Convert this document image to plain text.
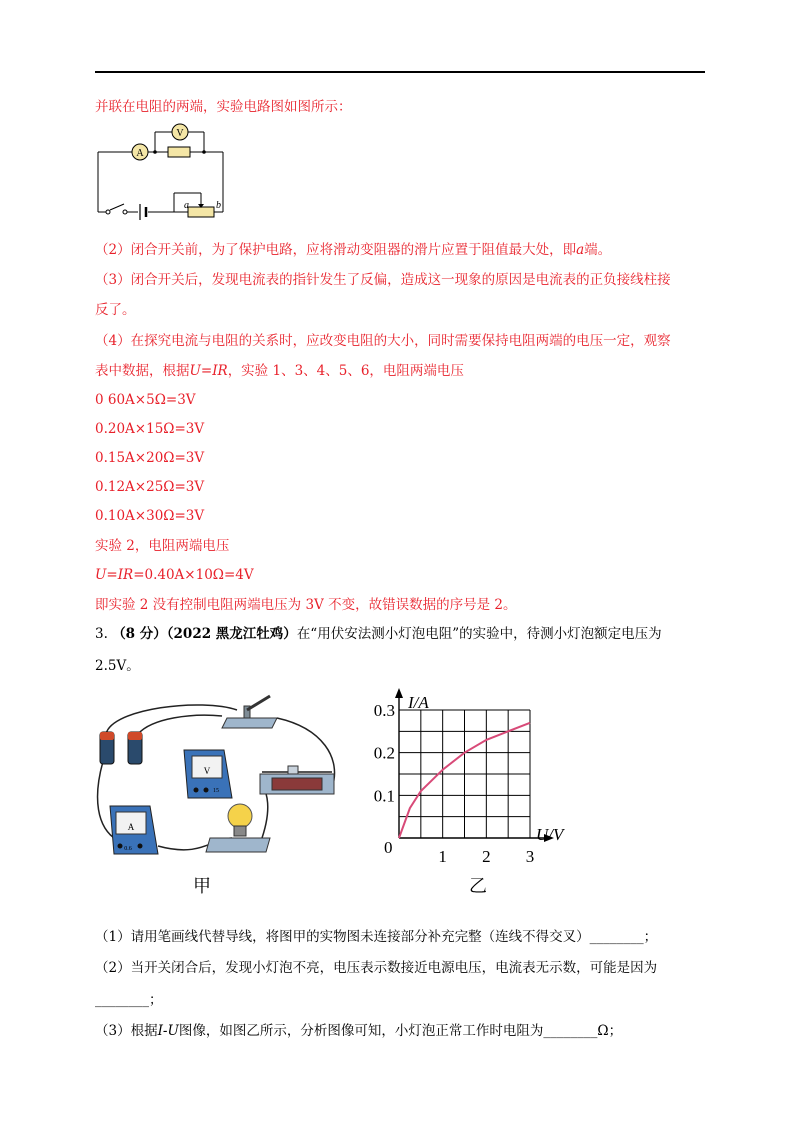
并联在电阻的两端，实验电路图如图所示：
A
V
a	b
（2）闭合开关前，为了保护电路，应将滑动变阻器的滑片应置于阻值最大处，即a端。
（3）闭合开关后，发现电流表的指针发生了反偏，造成这一现象的原因是电流表的正负接线柱接
反了。
（4）在探究电流与电阻的关系时，应改变电阻的大小，同时需要保持电阻两端的电压一定，观察
表中数据，根据U=IR，实验 1、3、4、5、6，电阻两端电压
0 60A×5Ω=3V
0.20A×15Ω=3V
0.15A×20Ω=3V
0.12A×25Ω=3V
0.10A×30Ω=3V
实验 2，电阻两端电压
U=IR=0.40A×10Ω=4V
即实验 2 没有控制电阻两端电压为 3V 不变，故错误数据的序号是 2。
3. （8 分）（2022 黑龙江牡鸡）在“用伏安法测小灯泡电阻”的实验中，待测小灯泡额定电压为
2.5V。
V
15
A
0.6
甲
1 2 3
0.1
0.2
0.3 I/A
U/V
0
乙
（1）请用笔画线代替导线，将图甲的实物图未连接部分补充完整（连线不得交叉）________；
（2）当开关闭合后，发现小灯泡不亮，电压表示数接近电源电压，电流表无示数，可能是因为
________；
（3）根据I-U图像，如图乙所示，分析图像可知，小灯泡正常工作时电阻为________Ω；
